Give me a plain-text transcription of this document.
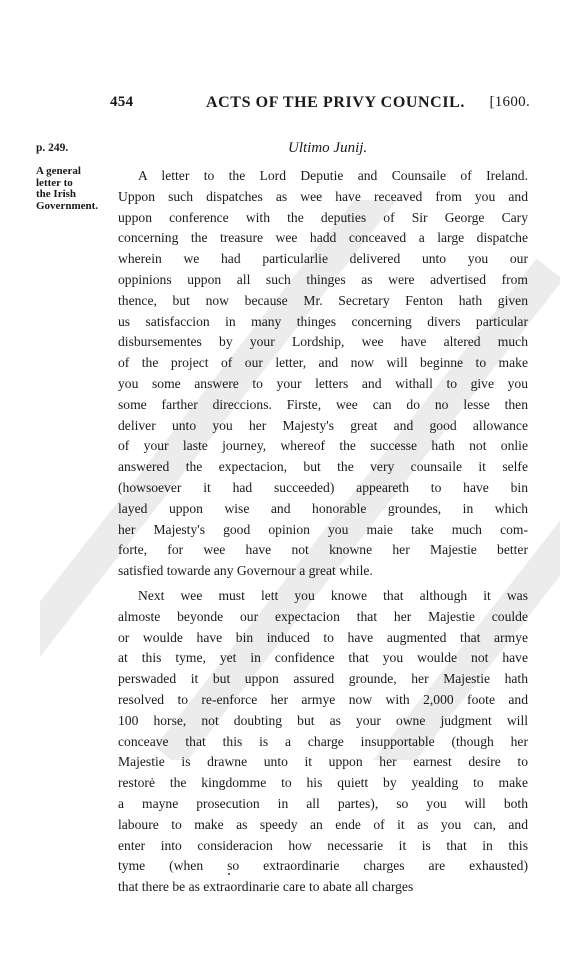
454	ACTS OF THE PRIVY COUNCIL. [1600.
p. 249.	Ultimo Junij.
A general
letter to
the Irish
Government.
A letter to the Lord Deputie and Counsaile of Ireland.
Uppon such dispatches as wee have receaved from you and
uppon conference with the deputies of Sir George Cary
concerning the treasure wee hadd conceaved a large dispatche
wherein we had particularlie delivered unto you our
oppinions uppon all such thinges as were advertised from
thence, but now because Mr. Secretary Fenton hath given
us satisfaccion in many thinges concerning divers particular
disbursementes by your Lordship, wee have altered much
of the project of our letter, and now will beginne to make
you some answere to your letters and withall to give you
some farther direccions. Firste, wee can do no lesse then
deliver unto you her Majesty's great and good allowance
of your laste journey, whereof the successe hath not onlie
answered the expectacion, but the very counsaile it selfe
(howsoever it had succeeded) appeareth to have bin
layed uppon wise and honorable groundes, in which
her Majesty's good opinion you maie take much com-
forte, for wee have not knowne her Majestie better
satisfied towarde any Governour a great while.
Next wee must lett you knowe that although it was
almoste beyonde our expectacion that her Majestie coulde
or woulde have bin induced to have augmented that armye
at this tyme, yet in confidence that you woulde not have
perswaded it but uppon assured grounde, her Majestie hath
resolved to re-enforce her armye now with 2,000 foote and
100 horse, not doubting but as your owne judgment will
conceave that this is a charge insupportable (though her
Majestie is drawne unto it uppon her earnest desire to
restorė the kingdomme to his quiett by yealding to make
a mayne prosecution in all partes), so you will both
laboure to make as speedy an ende of it as you can, and
enter into consideracion how necessarie it is that in this
tyme (when so extraordinarie charges are exhausted)
that there be as extraordinarie care to abate all charges
